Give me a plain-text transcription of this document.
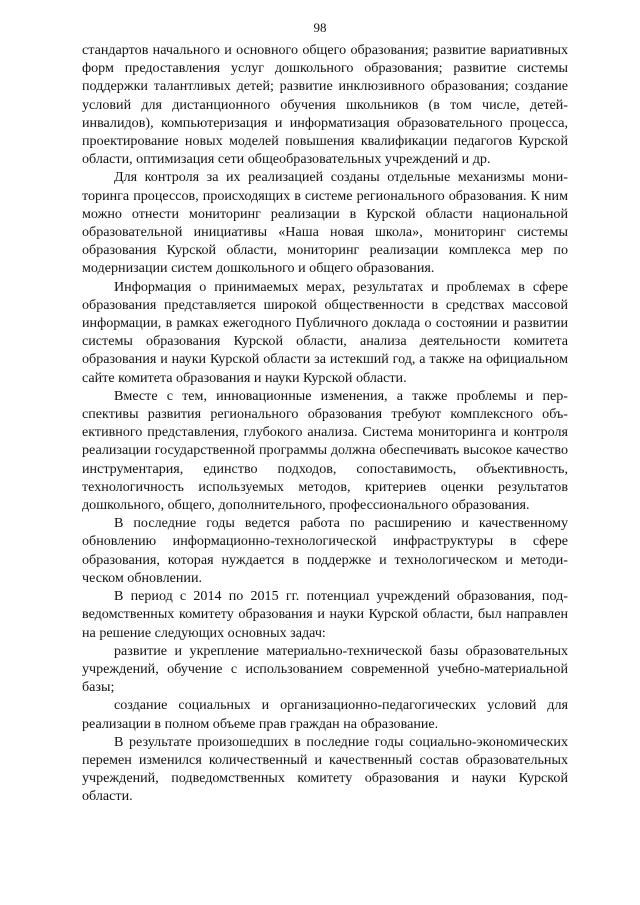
98

стандартов начального и основного общего образования; развитие вариативных форм предоставления услуг дошкольного образования; развитие системы поддержки талантливых детей; развитие инклюзивного образования; создание условий для дистанционного обучения школьников (в том числе, детей-инвалидов), компьютеризация и информатизация образовательного процесса, проектирование новых моделей повышения квалификации педагогов Курской области, оптимизация сети общеобразовательных учреждений и др.

Для контроля за их реализацией созданы отдельные механизмы мониторинга процессов, происходящих в системе регионального образования. К ним можно отнести мониторинг реализации в Курской области национальной образовательной инициативы «Наша новая школа», мониторинг системы образования Курской области, мониторинг реализации комплекса мер по модернизации систем дошкольного и общего образования.

Информация о принимаемых мерах, результатах и проблемах в сфере образования представляется широкой общественности в средствах массовой информации, в рамках ежегодного Публичного доклада о состоянии и развитии системы образования Курской области, анализа деятельности комитета образования и науки Курской области за истекший год, а также на официальном сайте комитета образования и науки Курской области.

Вместе с тем, инновационные изменения, а также проблемы и перспективы развития регионального образования требуют комплексного объективного представления, глубокого анализа. Система мониторинга и контроля реализации государственной программы должна обеспечивать высокое качество инструментария, единство подходов, сопоставимость, объективность, технологичность используемых методов, критериев оценки результатов дошкольного, общего, дополнительного, профессионального образования.

В последние годы ведется работа по расширению и качественному обновлению информационно-технологической инфраструктуры в сфере образования, которая нуждается в поддержке и технологическом и методическом обновлении.

В период с 2014 по 2015 гг. потенциал учреждений образования, подведомственных комитету образования и науки Курской области, был направлен на решение следующих основных задач:

развитие и укрепление материально-технической базы образовательных учреждений, обучение с использованием современной учебно-материальной базы;

создание социальных и организационно-педагогических условий для реализации в полном объеме прав граждан на образование.

В результате произошедших в последние годы социально-экономических перемен изменился количественный и качественный состав образовательных учреждений, подведомственных комитету образования и науки Курской области.
